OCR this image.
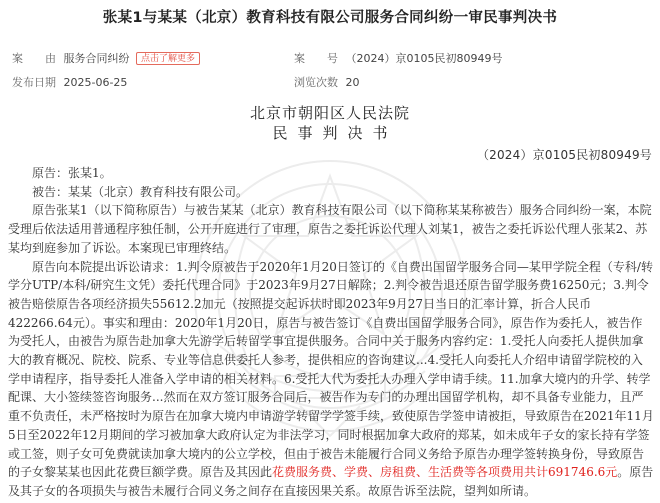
张某1与某某（北京）教育科技有限公司服务合同纠纷一审民事判决书
案　　由 服务合同纠纷 点击了解更多	案　　号 （2024）京0105民初80949号
发布日期 2025-06-25	浏览次数 20
北京市朝阳区人民法院
民事判决书
（2024）京0105民初80949号

原告：张某1。

被告：某某（北京）教育科技有限公司。

原告张某1（以下简称原告）与被告某某（北京）教育科技有限公司（以下简称某某称被告）服务合同纠纷一案，本院受理后依法适用普通程序独任制，公开开庭进行了审理，原告之委托诉讼代理人刘某1，被告之委托诉讼代理人张某2、苏某均到庭参加了诉讼。本案现已审理终结。

原告向本院提出诉讼请求：1.判令原被告于2020年1月20日签订的《自费出国留学服务合同—某甲学院全程（专科/转学分UTP/本科/研究生文凭）委托代理合同》于2023年9月27日解除；2.判令被告退还原告留学服务费16250元；3.判令被告赔偿原告各项经济损失55612.2加元（按照提交起诉状时即2023年9月27日当日的汇率计算，折合人民币422266.64元）。事实和理由：2020年1月20日，原告与被告签订《自费出国留学服务合同》，原告作为委托人，被告作为受托人，由被告为原告赴加拿大先游学后转留学事宜提供服务。合同中关于服务内容约定：1.受托人向委托人提供加拿大的教育概况、院校、院系、专业等信息供委托人参考，提供相应的咨询建议...4.受托人向委托人介绍申请留学院校的入学申请程序，指导委托人准备入学申请的相关材料。6.受托人代为委托人办理入学申请手续。11.加拿大境内的升学、转学配课、大小签续签咨询服务...然而在双方签订服务合同后，被告作为专门的办理出国留学机构，却不具备专业能力，且严重不负责任，未严格按时为原告在加拿大境内申请游学转留学学签手续，致使原告学签申请被拒，导致原告在2021年11月5日至2022年12月期间的学习被加拿大政府认定为非法学习，同时根据加拿大政府的郑某，如未成年子女的家长持有学签或工签，则子女可免费就读加拿大境内的公立学校，但由于被告未能履行合同义务给予原告办理学签转换身份，导致原告的子女黎某某也因此花费巨额学费。原告及其因此花费服务费、学费、房租费、生活费等各项费用共计691746.6元。原告及其子女的各项损失与被告未履行合同义务之间存在直接因果关系。故原告诉至法院，望判如所请。
